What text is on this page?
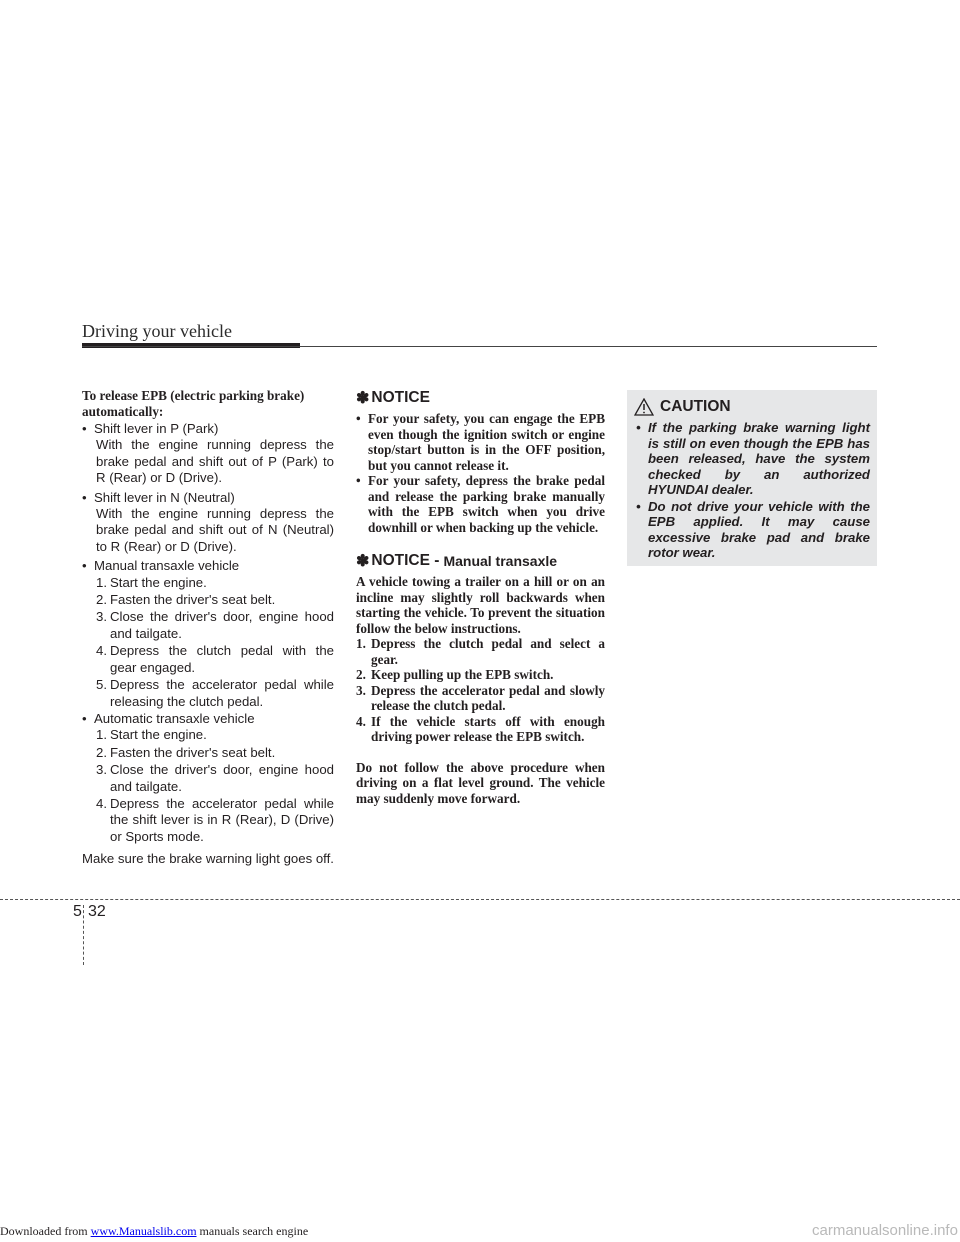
Driving your vehicle
To release EPB (electric parking brake) automatically:
• Shift lever in P (Park)
With the engine running depress the brake pedal and shift out of P (Park) to R (Rear) or D (Drive).
• Shift lever in N (Neutral)
With the engine running depress the brake pedal and shift out of N (Neutral) to R (Rear) or D (Drive).
• Manual transaxle vehicle
1. Start the engine.
2. Fasten the driver's seat belt.
3. Close the driver's door, engine hood and tailgate.
4. Depress the clutch pedal with the gear engaged.
5. Depress the accelerator pedal while releasing the clutch pedal.
• Automatic transaxle vehicle
1. Start the engine.
2. Fasten the driver's seat belt.
3. Close the driver's door, engine hood and tailgate.
4. Depress the accelerator pedal while the shift lever is in R (Rear), D (Drive) or Sports mode.
Make sure the brake warning light goes off.
✽ NOTICE
• For your safety, you can engage the EPB even though the ignition switch or engine stop/start button is in the OFF position, but you cannot release it.
• For your safety, depress the brake pedal and release the parking brake manually with the EPB switch when you drive downhill or when backing up the vehicle.
✽ NOTICE - Manual transaxle
A vehicle towing a trailer on a hill or on an incline may slightly roll backwards when starting the vehicle. To prevent the situation follow the below instructions.
1. Depress the clutch pedal and select a gear.
2. Keep pulling up the EPB switch.
3. Depress the accelerator pedal and slowly release the clutch pedal.
4. If the vehicle starts off with enough driving power release the EPB switch.
Do not follow the above procedure when driving on a flat level ground. The vehicle may suddenly move forward.
CAUTION
• If the parking brake warning light is still on even though the EPB has been released, have the system checked by an authorized HYUNDAI dealer.
• Do not drive your vehicle with the EPB applied. It may cause excessive brake pad and brake rotor wear.
5 32
Downloaded from www.Manualslib.com manuals search engine	carmanualsonline.info
